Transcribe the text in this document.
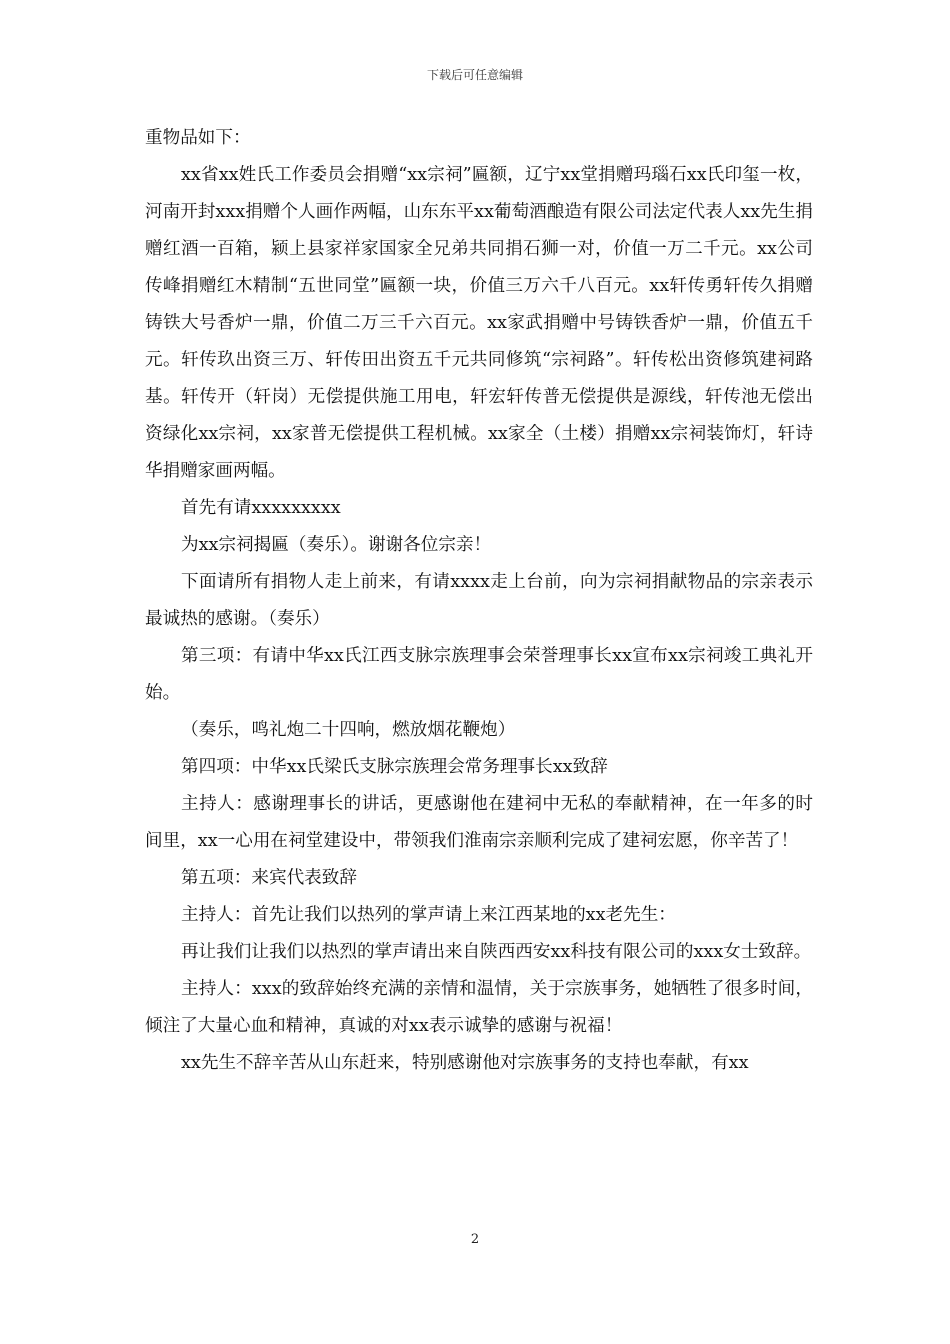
下载后可任意编辑

重物品如下：

xx省xx姓氏工作委员会捐赠“xx宗祠”匾额，辽宁xx堂捐赠玛瑙石xx氏印玺一枚，河南开封xxx捐赠个人画作两幅，山东东平xx葡萄酒酿造有限公司法定代表人xx先生捐赠红酒一百箱，颍上县家祥家国家全兄弟共同捐石狮一对，价值一万二千元。xx公司传峰捐赠红木精制“五世同堂”匾额一块，价值三万六千八百元。xx轩传勇轩传久捐赠铸铁大号香炉一鼎，价值二万三千六百元。xx家武捐赠中号铸铁香炉一鼎，价值五千元。轩传玖出资三万、轩传田出资五千元共同修筑“宗祠路”。轩传松出资修筑建祠路基。轩传开（轩岗）无偿提供施工用电，轩宏轩传普无偿提供是源线，轩传池无偿出资绿化xx宗祠，xx家普无偿提供工程机械。xx家全（土楼）捐赠xx宗祠装饰灯，轩诗华捐赠家画两幅。

首先有请xxxxxxxxx

为xx宗祠揭匾（奏乐）。谢谢各位宗亲！

下面请所有捐物人走上前来，有请xxxx走上台前，向为宗祠捐献物品的宗亲表示最诚热的感谢。（奏乐）

第三项：有请中华xx氏江西支脉宗族理事会荣誉理事长xx宣布xx宗祠竣工典礼开始。

（奏乐，鸣礼炮二十四响，燃放烟花鞭炮）

第四项：中华xx氏梁氏支脉宗族理会常务理事长xx致辞

主持人：感谢理事长的讲话，更感谢他在建祠中无私的奉献精神，在一年多的时间里，xx一心用在祠堂建设中，带领我们淮南宗亲顺利完成了建祠宏愿，你辛苦了！

第五项：来宾代表致辞

主持人：首先让我们以热列的掌声请上来江西某地的xx老先生：

再让我们让我们以热烈的掌声请出来自陕西西安xx科技有限公司的xxx女士致辞。

主持人：xxx的致辞始终充满的亲情和温情，关于宗族事务，她牺牲了很多时间，倾注了大量心血和精神，真诚的对xx表示诚挚的感谢与祝福！

xx先生不辞辛苦从山东赶来，特别感谢他对宗族事务的支持也奉献，有xx

2
